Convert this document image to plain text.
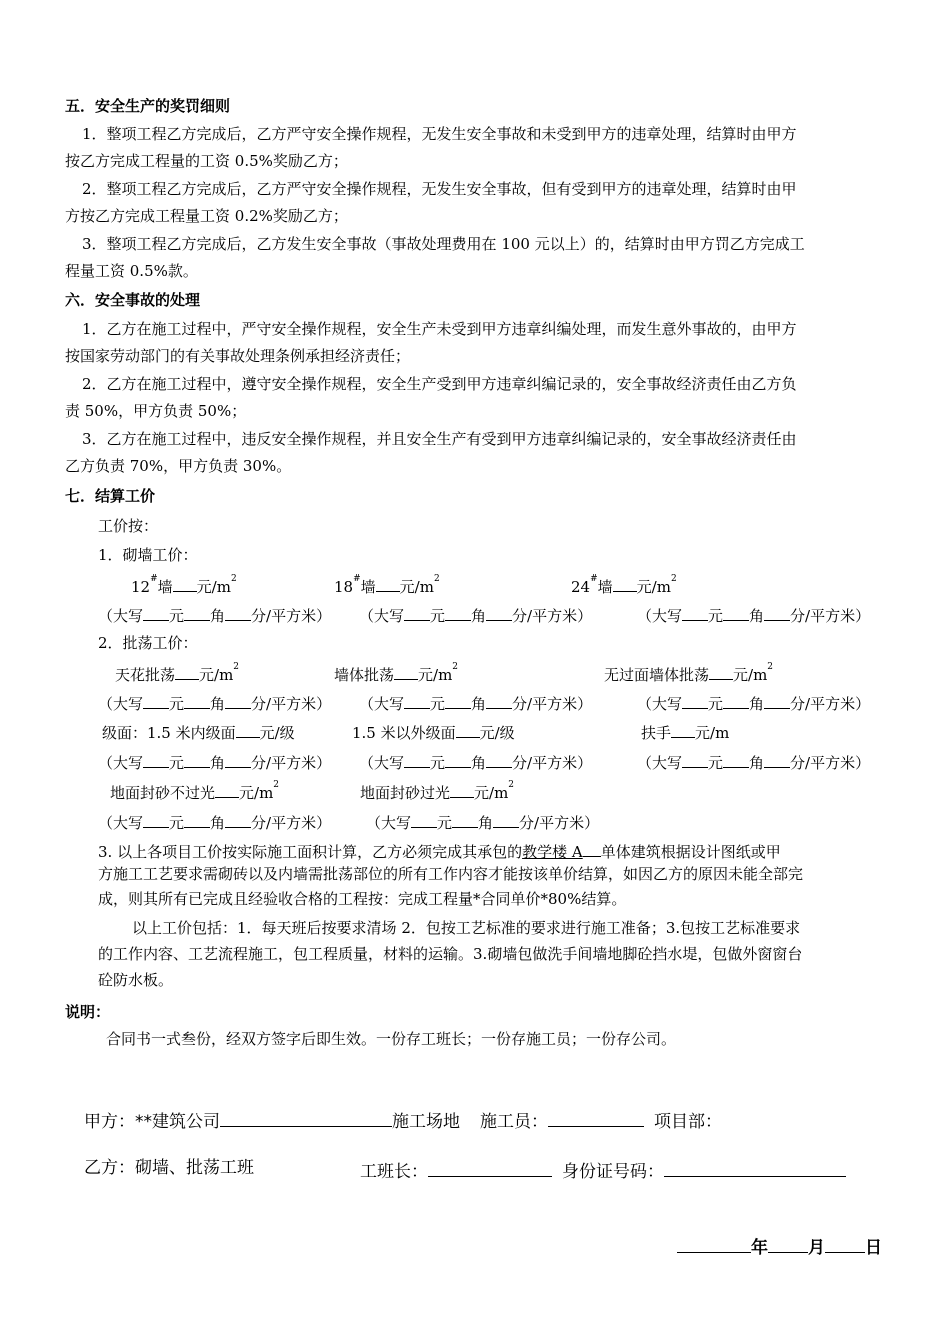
五．安全生产的奖罚细则
1．整项工程乙方完成后，乙方严守安全操作规程，无发生安全事故和未受到甲方的违章处理，结算时由甲方
按乙方完成工程量的工资 0.5%奖励乙方；
2．整项工程乙方完成后，乙方严守安全操作规程，无发生安全事故，但有受到甲方的违章处理，结算时由甲
方按乙方完成工程量工资 0.2%奖励乙方；
3．整项工程乙方完成后，乙方发生安全事故（事故处理费用在 100 元以上）的，结算时由甲方罚乙方完成工
程量工资 0.5%款。
六．安全事故的处理
1．乙方在施工过程中，严守安全操作规程，安全生产未受到甲方违章纠编处理，而发生意外事故的，由甲方
按国家劳动部门的有关事故处理条例承担经济责任；
2．乙方在施工过程中，遵守安全操作规程，安全生产受到甲方违章纠编记录的，安全事故经济责任由乙方负
责 50%，甲方负责 50%；
3．乙方在施工过程中，违反安全操作规程，并且安全生产有受到甲方违章纠编记录的，安全事故经济责任由
乙方负责 70%，甲方负责 30%。
七．结算工价
工价按：
1．砌墙工价：
12#墙 元$/m^2$	18#墙 元$/m^2$	24#墙 元$/m^2$
（大写 元 角 分/平方米） （大写 元 角 分/平方米）	（大写 元 角 分/平方米）
2．批荡工价：
天花批荡 元$/m^2$	墙体批荡 元$/m^2$	无过面墙体批荡 元$/m^2$
（大写 元 角 分/平方米） （大写 元 角 分/平方米）	（大写 元 角 分/平方米）
级面：1.5 米内级面 元/级	1.5 米以外级面 元/级	扶手 元/m
（大写 元 角 分/平方米） （大写 元 角 分/平方米）	（大写 元 角 分/平方米）
地面封砂不过光 元$/m^2$	地面封砂过光 元$/m^2$
（大写 元 角 分/平方米） （大写 元 角 分/平方米）
3. 以上各项目工价按实际施工面积计算，乙方必须完成其承包的教学楼 A 单体建筑根据设计图纸或甲
方施工工艺要求需砌砖以及内墙需批荡部位的所有工作内容才能按该单价结算，如因乙方的原因未能全部完
成，则其所有已完成且经验收合格的工程按：完成工程量*合同单价*80%结算。
以上工价包括：1．每天班后按要求清场 2．包按工艺标准的要求进行施工准备；3.包按工艺标准要求
的工作内容、工艺流程施工，包工程质量，材料的运输。3.砌墙包做洗手间墙地脚砼挡水堤，包做外窗窗台
砼防水板。
说明：
合同书一式叁份，经双方签字后即生效。一份存工班长；一份存施工员；一份存公司。
甲方：**建筑公司	施工场地 施工员：	项目部：
乙方：砌墙、批荡工班	工班长：	身份证号码：
年 月 日
